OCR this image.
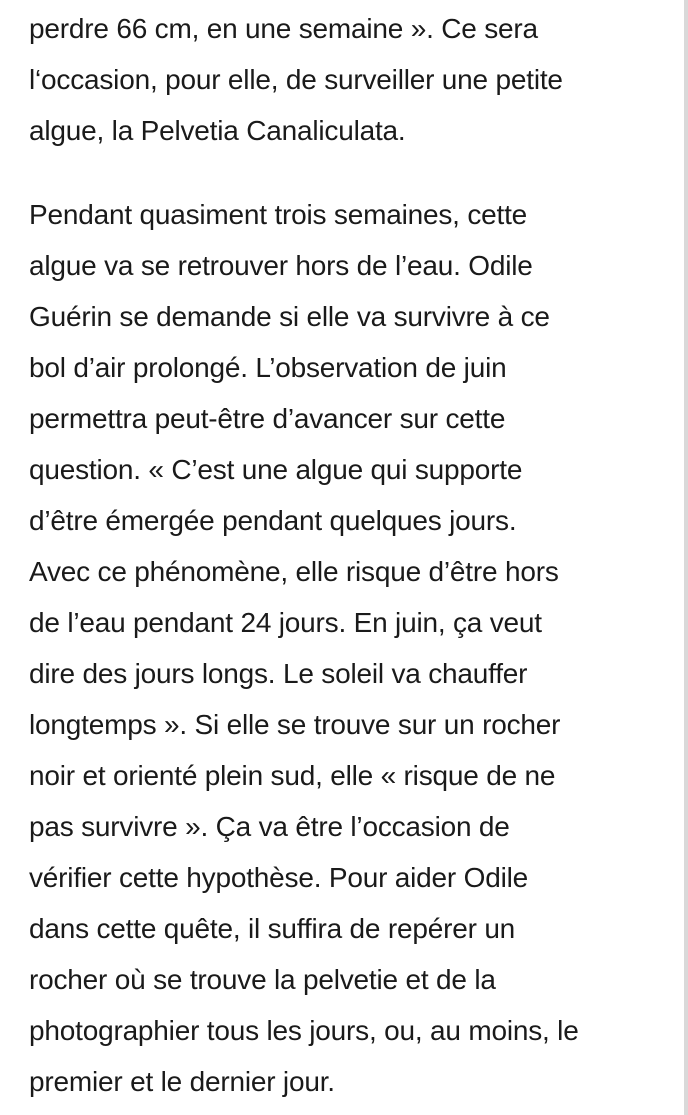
perdre 66 cm, en une semaine ». Ce sera
l‘occasion, pour elle, de surveiller une petite
algue, la Pelvetia Canaliculata.
Pendant quasiment trois semaines, cette
algue va se retrouver hors de l’eau. Odile
Guérin se demande si elle va survivre à ce
bol d’air prolongé. L’observation de juin
permettra peut-être d’avancer sur cette
question. « C’est une algue qui supporte
d’être émergée pendant quelques jours.
Avec ce phénomène, elle risque d’être hors
de l’eau pendant 24 jours. En juin, ça veut
dire des jours longs. Le soleil va chauffer
longtemps ». Si elle se trouve sur un rocher
noir et orienté plein sud, elle « risque de ne
pas survivre ». Ça va être l’occasion de
vérifier cette hypothèse. Pour aider Odile
dans cette quête, il suffira de repérer un
rocher où se trouve la pelvetie et de la
photographier tous les jours, ou, au moins, le
premier et le dernier jour.
